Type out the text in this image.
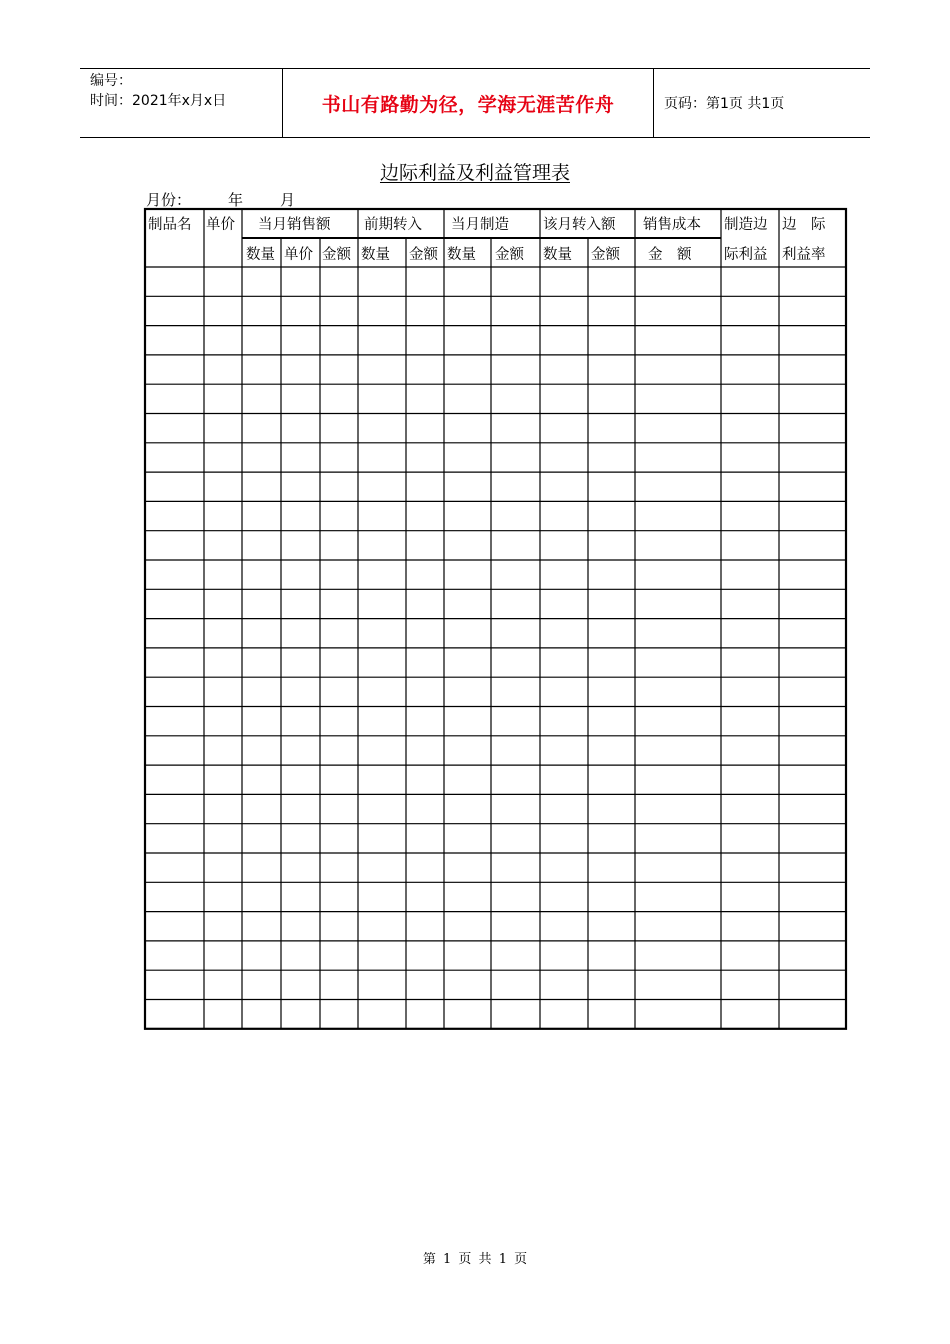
编号：
时间：2021年x月x日	书山有路勤为径，学海无涯苦作舟	页码：第1页 共1页
边际利益及利益管理表
月份： 年 月
制品名 单价 当月销售额 前期转入 当月制造 该月转入额 销售成本 制造边 边　际
数量 单价 金额 数量 金额 数量 金额 数量 金额 金　额 际利益 利益率
第 1 页 共 1 页
